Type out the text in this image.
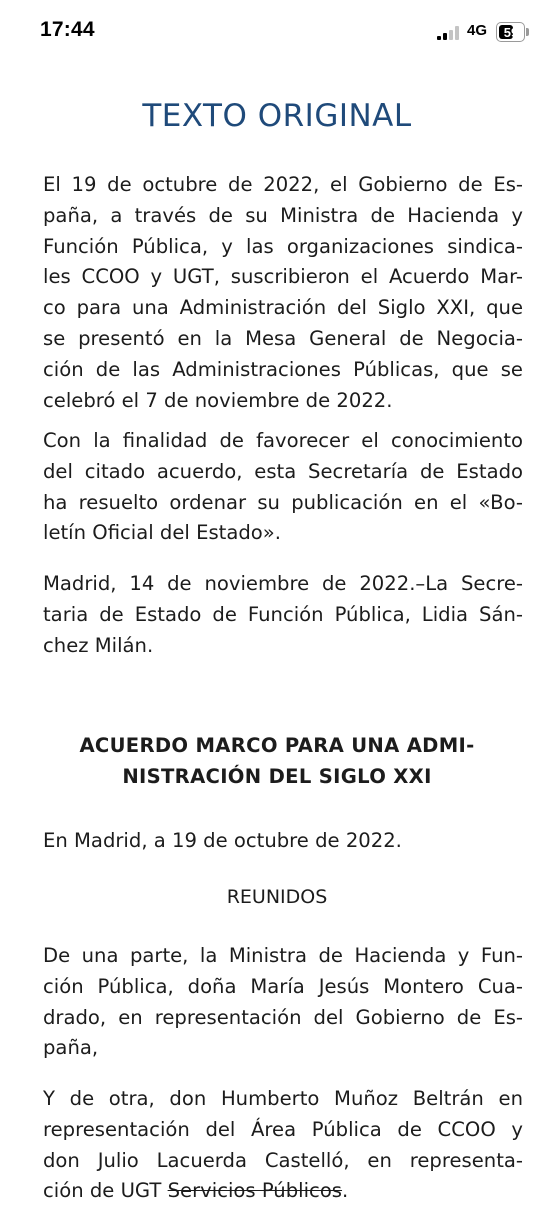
17:44	4G	59
TEXTO ORIGINAL

El 19 de octubre de 2022, el Gobierno de Es-
paña, a través de su Ministra de Hacienda y
Función Pública, y las organizaciones sindica-
les CCOO y UGT, suscribieron el Acuerdo Mar-
co para una Administración del Siglo XXI, que
se presentó en la Mesa General de Negocia-
ción de las Administraciones Públicas, que se
celebró el 7 de noviembre de 2022.

Con la finalidad de favorecer el conocimiento
del citado acuerdo, esta Secretaría de Estado
ha resuelto ordenar su publicación en el «Bo-
letín Oficial del Estado».

Madrid, 14 de noviembre de 2022.–La Secre-
taria de Estado de Función Pública, Lidia Sán-
chez Milán.

ACUERDO MARCO PARA UNA ADMI-
NISTRACIÓN DEL SIGLO XXI

En Madrid, a 19 de octubre de 2022.

REUNIDOS

De una parte, la Ministra de Hacienda y Fun-
ción Pública, doña María Jesús Montero Cua-
drado, en representación del Gobierno de Es-
paña,

Y de otra, don Humberto Muñoz Beltrán en
representación del Área Pública de CCOO y
don Julio Lacuerda Castelló, en representa-
ción de UGT Servicios Públicos.
